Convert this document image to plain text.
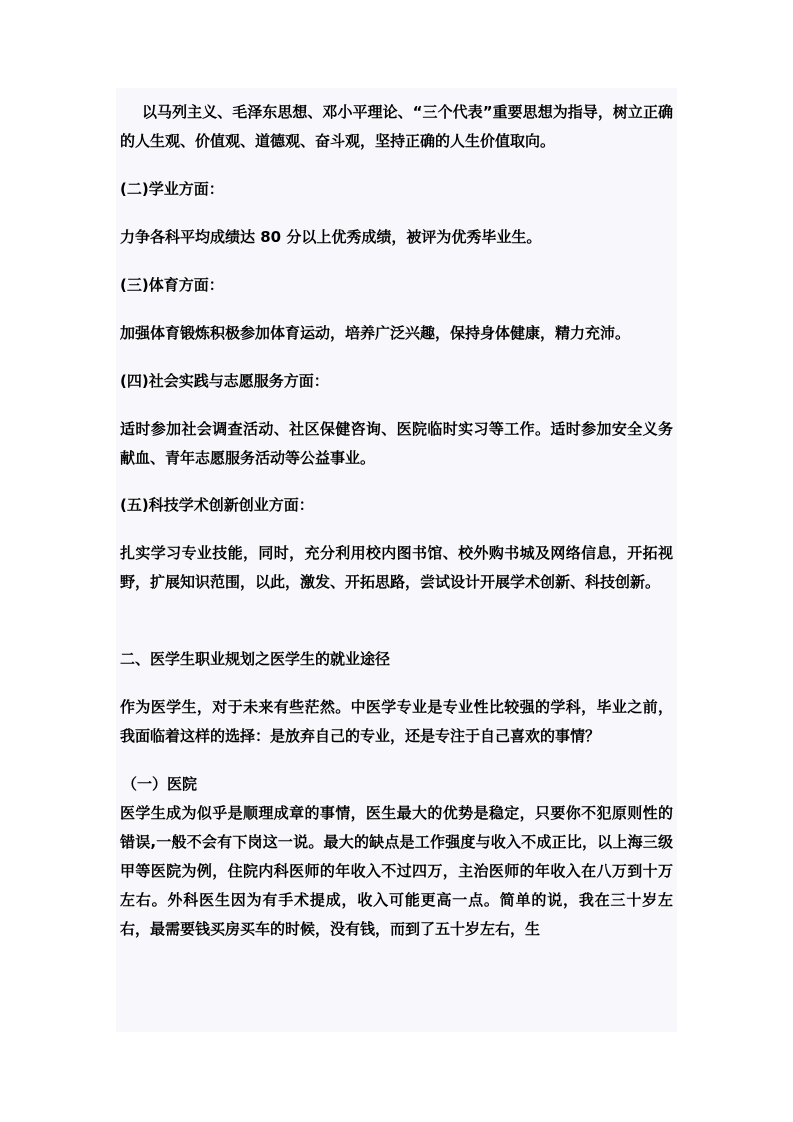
以马列主义、毛泽东思想、邓小平理论、“三个代表”重要思想为指导，树立正确的人生观、价值观、道德观、奋斗观，坚持正确的人生价值取向。

(二)学业方面：

力争各科平均成绩达 80 分以上优秀成绩，被评为优秀毕业生。

(三)体育方面：

加强体育锻炼积极参加体育运动，培养广泛兴趣，保持身体健康，精力充沛。

(四)社会实践与志愿服务方面：

适时参加社会调查活动、社区保健咨询、医院临时实习等工作。适时参加安全义务献血、青年志愿服务活动等公益事业。

(五)科技学术创新创业方面：

扎实学习专业技能，同时，充分利用校内图书馆、校外购书城及网络信息，开拓视野，扩展知识范围，以此，激发、开拓思路，尝试设计开展学术创新、科技创新。

二、医学生职业规划之医学生的就业途径

作为医学生，对于未来有些茫然。中医学专业是专业性比较强的学科，毕业之前，我面临着这样的选择：是放弃自己的专业，还是专注于自己喜欢的事情？

（一）医院

医学生成为似乎是顺理成章的事情，医生最大的优势是稳定，只要你不犯原则性的错误,一般不会有下岗这一说。最大的缺点是工作强度与收入不成正比，以上海三级甲等医院为例，住院内科医师的年收入不过四万，主治医师的年收入在八万到十万左右。外科医生因为有手术提成，收入可能更高一点。简单的说，我在三十岁左右，最需要钱买房买车的时候，没有钱，而到了五十岁左右，生
